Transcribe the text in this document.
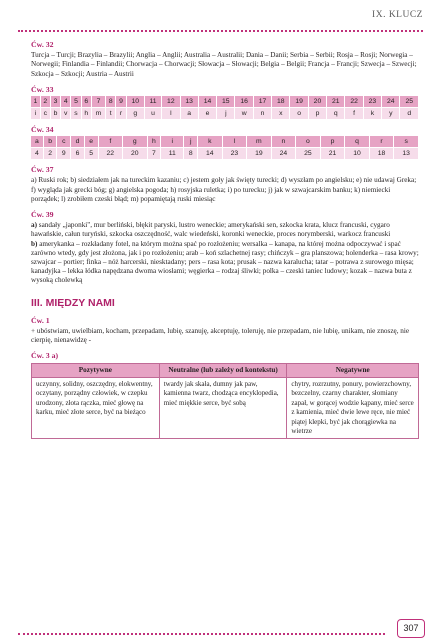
IX. KLUCZ
Ćw. 32

Turcja – Turcji; Brazylia – Brazylii; Anglia – Anglii; Australia – Australii; Dania – Danii; Serbia – Serbii; Rosja – Rosji; Norwegia – Norwegii; Finlandia – Finlandii; Chorwacja – Chorwacji; Słowacja – Słowacji; Belgia – Belgii; Francja – Francji; Szwecja – Szwecji; Szkocja – Szkocji; Austria – Austrii

Ćw. 33
1	2	3	4	5	6	7	8	9	10	11	12	13	14	15	16	17	18	19	20	21	22	23	24	25
i	c	b	v	s	h	m	t	r	g	u	l	a	e	j	w	n	x	o	p	q	f	k	y	d
Ćw. 34
a	b	c	d	e	f	g	h	i	j	k	l	m	n	o	p	q	r	s
4	2	9	6	5	22	20	7	11	8	14	23	19	24	25	21	10	18	13
Ćw. 37

a) Ruski rok; b) siedziałem jak na tureckim kazaniu; c) jestem goły jak święty turecki; d) wyszłam po angielsku; e) nie udawaj Greka; f) wygląda jak grecki bóg; g) angielska pogoda; h) rosyjska ruletka; i) po turecku; j) jak w szwajcarskim banku; k) niemiecki porządek; l) zrobiłem czeski błąd; m) popamiętają ruski miesiąc

Ćw. 39

a) sandały „japonki", mur berliński, błękit paryski, lustro weneckie; amerykański sen, szkocka krata, klucz francuski, cygaro hawańskie, całun turyński, szkocka oszczędność, walc wiedeński, koronki weneckie, proces norymberski, warkocz francuski

b) amerykanka – rozkładany fotel, na którym można spać po rozłożeniu; wersalka – kanapa, na której można odpoczywać i spać zarówno wtedy, gdy jest złożona, jak i po rozłożeniu; arab – koń szlachetnej rasy; chińczyk – gra planszowa; holenderka – rasa krowy; szwajcar – portier; finka – nóż harcerski, niesktadany; pers – rasa kota; prusak – nazwa karalucha; tatar – potrawa z surowego mięsa; kanadyjka – lekka łódka napędzana dwoma wiosłami; węgierka – rodzaj śliwki; polka – czeski taniec ludowy; kozak – nazwa buta z wysoką cholewką

III. MIĘDZY NAMI
Ćw. 1

+ ubóstwiam, uwielbiam, kocham, przepadam, lubię, szanuję, akceptuję, toleruję, nie przepadam, nie lubię, unikam, nie znoszę, nie cierpię, nienawidzę -

Ćw. 3 a)
Pozytywne	Neutralne (lub zależy od kontekstu)	Negatywne
uczynny, solidny, oszczędny, elokwentny, oczytany, porządny człowiek, w czepku urodzony, złota rączka, mieć głowę na karku, mieć złote serce, być na bieżąco	twardy jak skała, dumny jak paw, kamienna twarz, chodząca encyklopedia, mieć miękkie serce, być sobą	chytry, rozrzutny, ponury, powierzchowny, bezczelny, czarny charakter, słomiany zapał, w gorącej wodzie kąpany, mieć serce z kamienia, mieć dwie lewe ręce, nie mieć piątej klepki, być jak chorągiewka na wietrze
307
